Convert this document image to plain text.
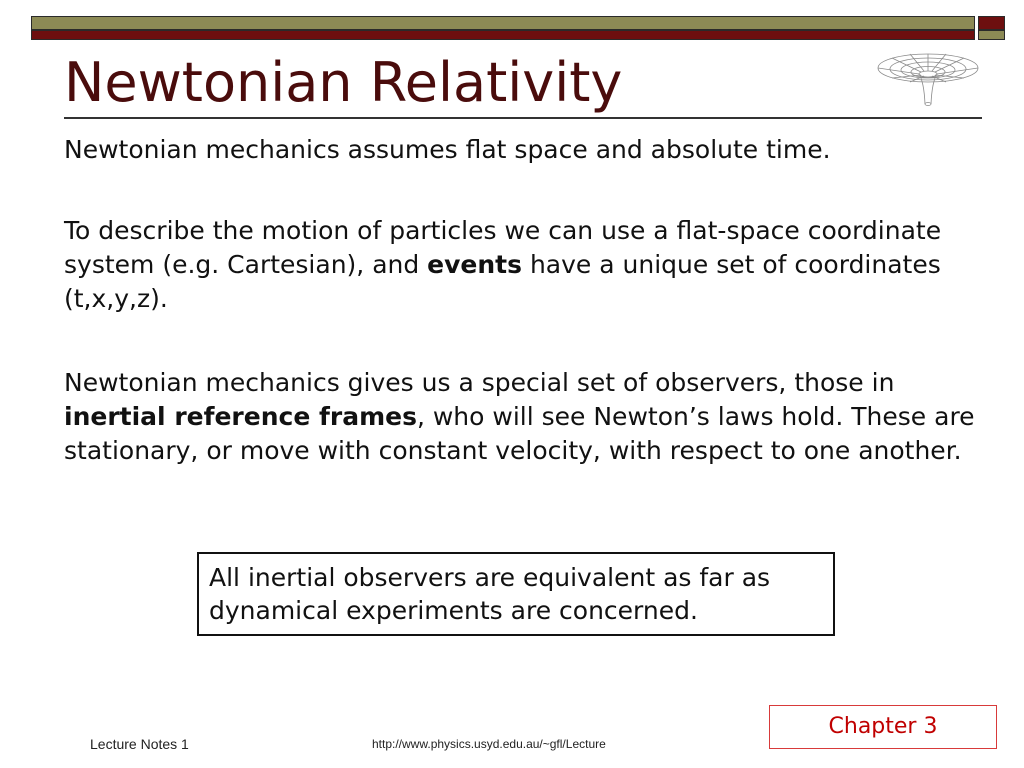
Newtonian Relativity
Newtonian mechanics assumes flat space and absolute time.
To describe the motion of particles we can use a flat-space coordinate system (e.g. Cartesian), and events have a unique set of coordinates (t,x,y,z).
Newtonian mechanics gives us a special set of observers, those in inertial reference frames, who will see Newton’s laws hold. These are stationary, or move with constant velocity, with respect to one another.
All inertial observers are equivalent as far as dynamical experiments are concerned.
Chapter 3
Lecture Notes 1	http://www.physics.usyd.edu.au/~gfl/Lecture
